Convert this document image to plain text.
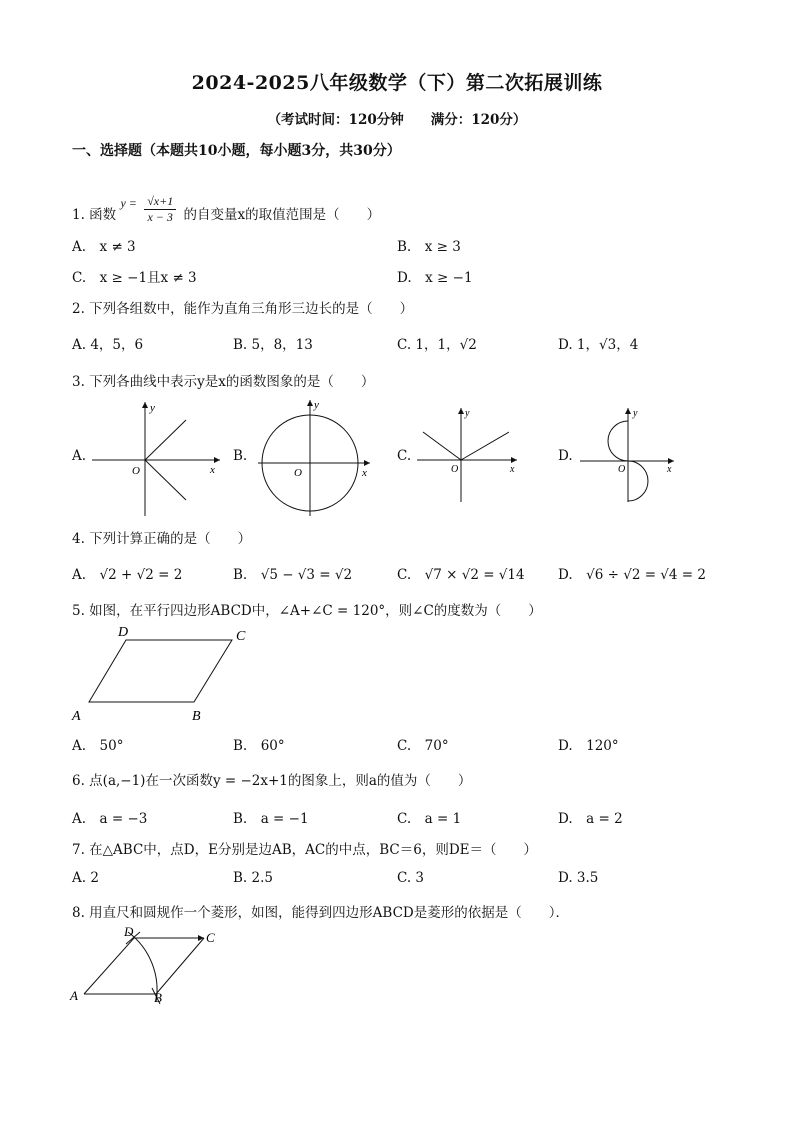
2024-2025八年级数学（下）第二次拓展训练
（考试时间：120分钟　　满分：120分）
一、选择题（本题共10小题，每小题3分，共30分）
1. 函数 $y = \frac{√x+1}{x - 3}$ 的自变量x的取值范围是（　　）
A.　x ≠ 3	B.　x ≥ 3
C.　x ≥ −1且x ≠ 3	D.　x ≥ −1
2. 下列各组数中，能作为直角三角形三边长的是（　　）
A. 4，5，6	B. 5，8，13	C. 1，1，√2	D. 1，√3，4
3. 下列各曲线中表示y是x的函数图象的是（　　）
A.	B.	C.	D.
x
y
O	x
y
O	x
y
O	x
y
O
4. 下列计算正确的是（　　）
A.　√2 + √2 = 2	B.　√5 − √3 = √2	C.　√7 × √2 = √14 D.　√6 ÷ √2 = √4 = 2
5. 如图，在平行四边形ABCD中，∠A+∠C = 120°，则∠C的度数为（　　）
A	B
C
D
A.　50°	B.　60°	C.　70°	D.　120°
6. 点(a,−1)在一次函数y = −2x+1的图象上，则a的值为（　　）
A.　a = −3	B.　a = −1	C.　a = 1	D.　a = 2
7. 在△ABC中，点D，E分别是边AB，AC的中点，BC＝6，则DE＝（　　）
A. 2	B. 2.5	C. 3	D. 3.5
8. 用直尺和圆规作一个菱形，如图，能得到四边形ABCD是菱形的依据是（　　）．
A	B
C
D
